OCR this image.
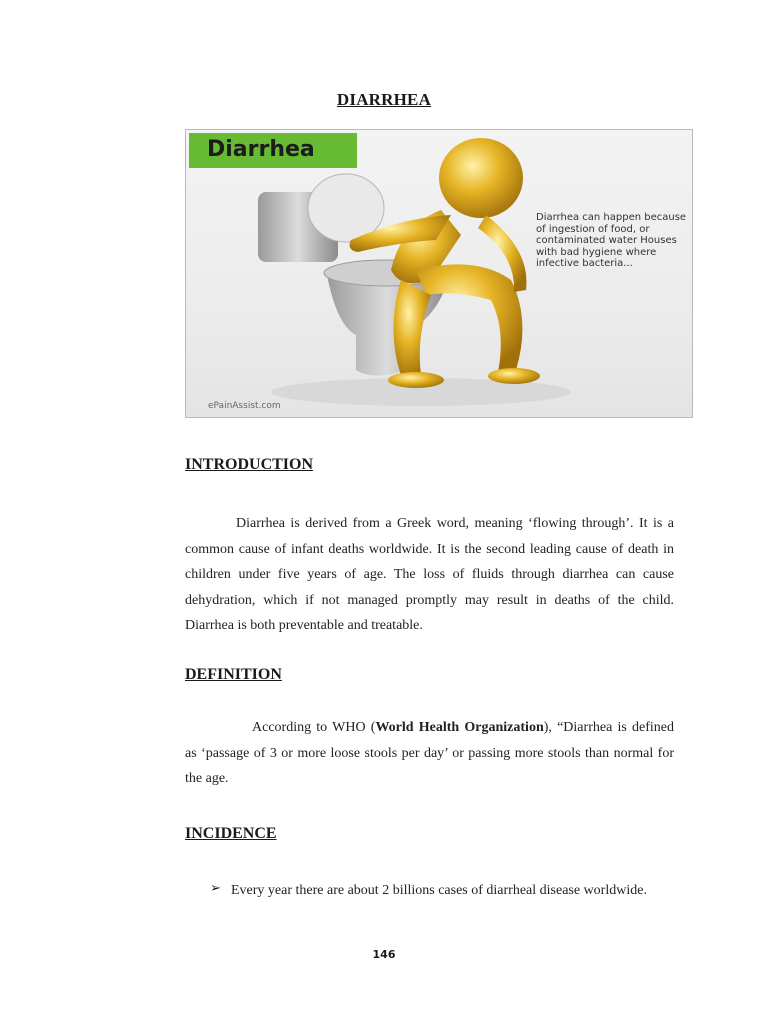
DIARRHEA
Diarrhea
Diarrhea can happen because of ingestion of food, or contaminated water Houses with bad hygiene where infective bacteria...
ePainAssist.com
INTRODUCTION

Diarrhea is derived from a Greek word, meaning ‘flowing through’. It is a common cause of infant deaths worldwide. It is the second leading cause of death in children under five years of age. The loss of fluids through diarrhea can cause dehydration, which if not managed promptly may result in deaths of the child. Diarrhea is both preventable and treatable.

DEFINITION

According to WHO (World Health Organization), “Diarrhea is defined as ‘passage of 3 or more loose stools per day’ or passing more stools than normal for the age.

INCIDENCE
➢ Every year there are about 2 billions cases of diarrheal disease worldwide.

146
